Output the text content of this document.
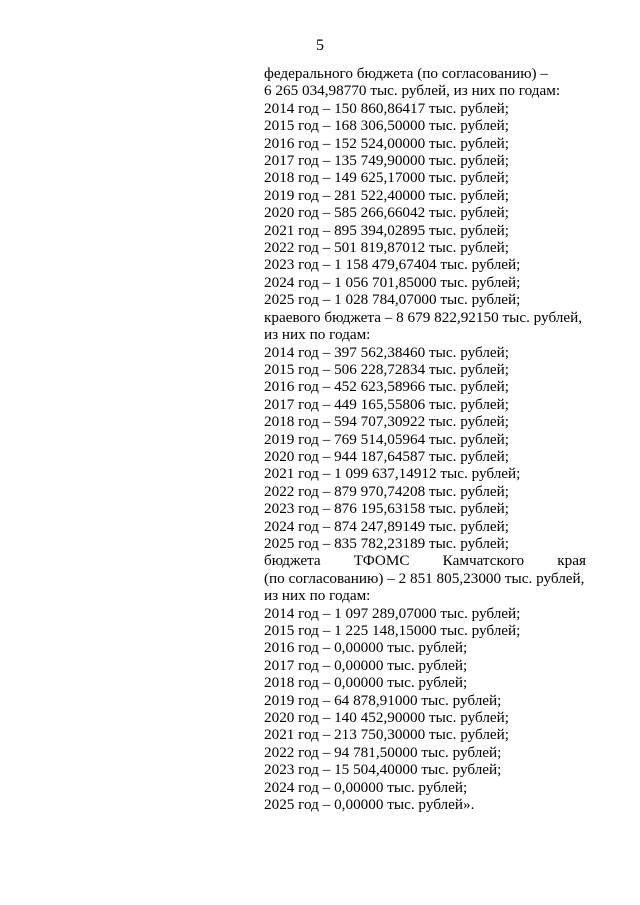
5
федерального бюджета (по согласованию) –
6 265 034,98770 тыс. рублей, из них по годам:
2014 год – 150 860,86417 тыс. рублей;
2015 год – 168 306,50000 тыс. рублей;
2016 год – 152 524,00000 тыс. рублей;
2017 год – 135 749,90000 тыс. рублей;
2018 год – 149 625,17000 тыс. рублей;
2019 год – 281 522,40000 тыс. рублей;
2020 год – 585 266,66042 тыс. рублей;
2021 год – 895 394,02895 тыс. рублей;
2022 год – 501 819,87012 тыс. рублей;
2023 год – 1 158 479,67404 тыс. рублей;
2024 год – 1 056 701,85000 тыс. рублей;
2025 год – 1 028 784,07000 тыс. рублей;
краевого бюджета – 8 679 822,92150 тыс. рублей,
из них по годам:
2014 год – 397 562,38460 тыс. рублей;
2015 год – 506 228,72834 тыс. рублей;
2016 год – 452 623,58966 тыс. рублей;
2017 год – 449 165,55806 тыс. рублей;
2018 год – 594 707,30922 тыс. рублей;
2019 год – 769 514,05964 тыс. рублей;
2020 год – 944 187,64587 тыс. рублей;
2021 год – 1 099 637,14912 тыс. рублей;
2022 год – 879 970,74208 тыс. рублей;
2023 год – 876 195,63158 тыс. рублей;
2024 год – 874 247,89149 тыс. рублей;
2025 год – 835 782,23189 тыс. рублей;
бюджета ТФОМС Камчатского края
(по согласованию) – 2 851 805,23000 тыс. рублей,
из них по годам:
2014 год – 1 097 289,07000 тыс. рублей;
2015 год – 1 225 148,15000 тыс. рублей;
2016 год – 0,00000 тыс. рублей;
2017 год – 0,00000 тыс. рублей;
2018 год – 0,00000 тыс. рублей;
2019 год – 64 878,91000 тыс. рублей;
2020 год – 140 452,90000 тыс. рублей;
2021 год – 213 750,30000 тыс. рублей;
2022 год – 94 781,50000 тыс. рублей;
2023 год – 15 504,40000 тыс. рублей;
2024 год – 0,00000 тыс. рублей;
2025 год – 0,00000 тыс. рублей».
